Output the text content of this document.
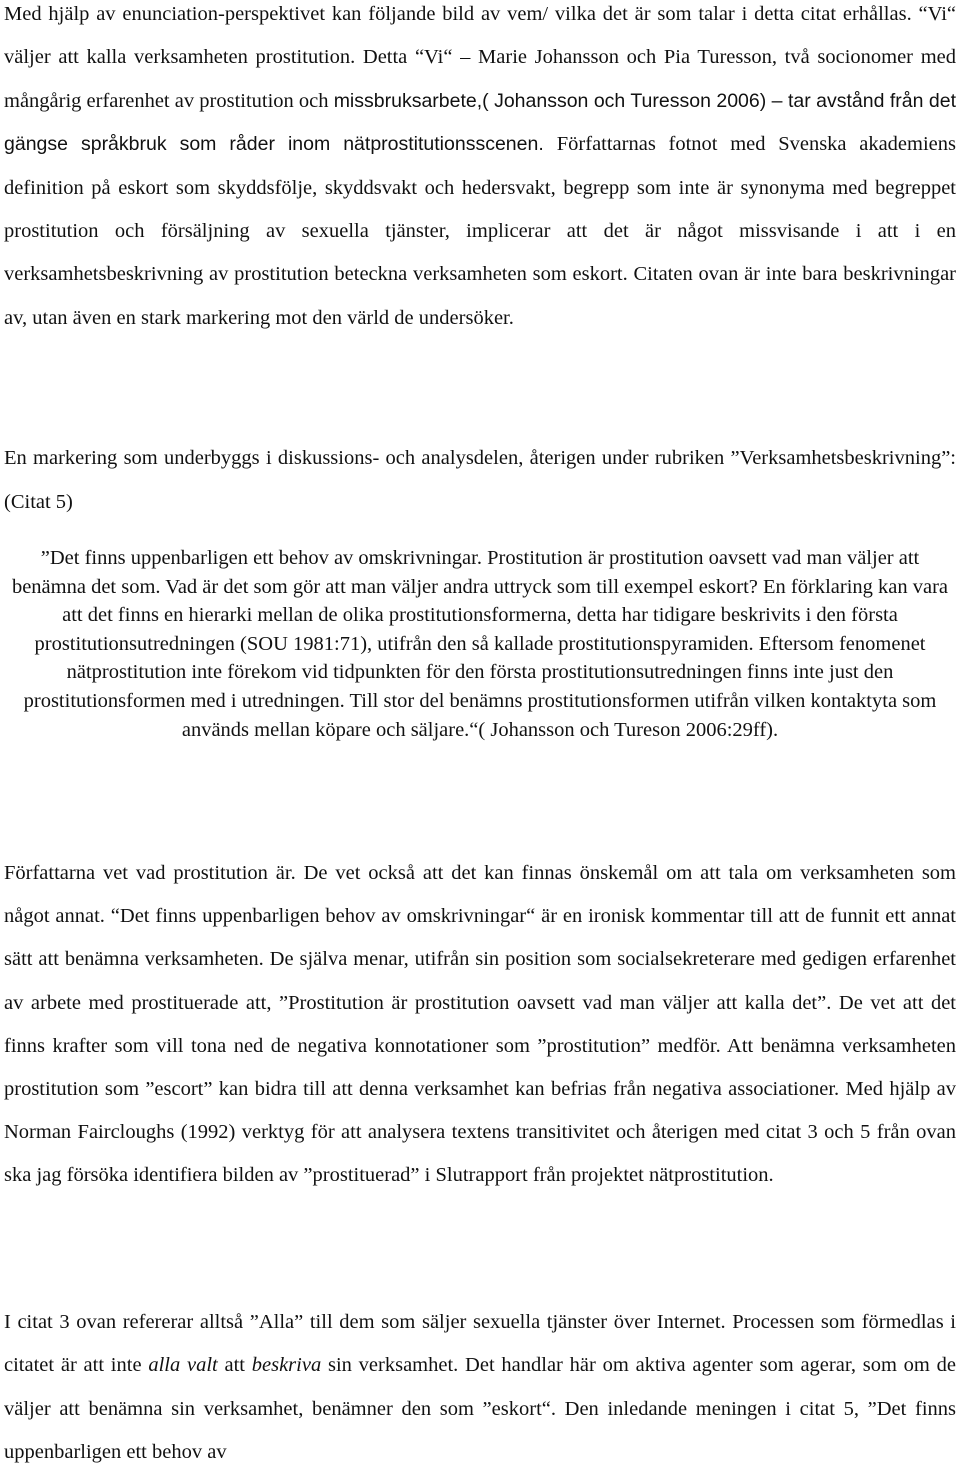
Med hjälp av enunciation-perspektivet kan följande bild av vem/ vilka det är som talar i detta citat erhållas. “Vi“ väljer att kalla verksamheten prostitution. Detta “Vi“ – Marie Johansson och Pia Turesson, två socionomer med mångårig erfarenhet av prostitution och missbruksarbete,( Johansson och Turesson 2006) – tar avstånd från det gängse språkbruk som råder inom nätprostitutionsscenen. Författarnas fotnot med Svenska akademiens definition på eskort som skyddsfölje, skyddsvakt och hedersvakt, begrepp som inte är synonyma med begreppet prostitution och försäljning av sexuella tjänster, implicerar att det är något missvisande i att i en verksamhetsbeskrivning av prostitution beteckna verksamheten som eskort. Citaten ovan är inte bara beskrivningar av, utan även en stark markering mot den värld de undersöker.

En markering som underbyggs i diskussions- och analysdelen, återigen under rubriken ”Verksamhetsbeskrivning”: (Citat 5)

”Det finns uppenbarligen ett behov av omskrivningar. Prostitution är prostitution oavsett vad man väljer att benämna det som. Vad är det som gör att man väljer andra uttryck som till exempel eskort? En förklaring kan vara att det finns en hierarki mellan de olika prostitutionsformerna, detta har tidigare beskrivits i den första prostitutionsutredningen (SOU 1981:71), utifrån den så kallade prostitutionspyramiden. Eftersom fenomenet nätprostitution inte förekom vid tidpunkten för den första prostitutionsutredningen finns inte just den prostitutionsformen med i utredningen. Till stor del benämns prostitutionsformen utifrån vilken kontaktyta som används mellan köpare och säljare.“( Johansson och Tureson 2006:29ff).

Författarna vet vad prostitution är. De vet också att det kan finnas önskemål om att tala om verksamheten som något annat. “Det finns uppenbarligen behov av omskrivningar“ är en ironisk kommentar till att de funnit ett annat sätt att benämna verksamheten. De själva menar, utifrån sin position som socialsekreterare med gedigen erfarenhet av arbete med prostituerade att, ”Prostitution är prostitution oavsett vad man väljer att kalla det”. De vet att det finns krafter som vill tona ned de negativa konnotationer som ”prostitution” medför. Att benämna verksamheten prostitution som ”escort” kan bidra till att denna verksamhet kan befrias från negativa associationer. Med hjälp av Norman Faircloughs (1992) verktyg för att analysera textens transitivitet och återigen med citat 3 och 5 från ovan ska jag försöka identifiera bilden av ”prostituerad” i Slutrapport från projektet nätprostitution.

I citat 3 ovan refererar alltså ”Alla” till dem som säljer sexuella tjänster över Internet. Processen som förmedlas i citatet är att inte alla valt att beskriva sin verksamhet. Det handlar här om aktiva agenter som agerar, som om de väljer att benämna sin verksamhet, benämner den som ”eskort“. Den inledande meningen i citat 5, ”Det finns uppenbarligen ett behov av
